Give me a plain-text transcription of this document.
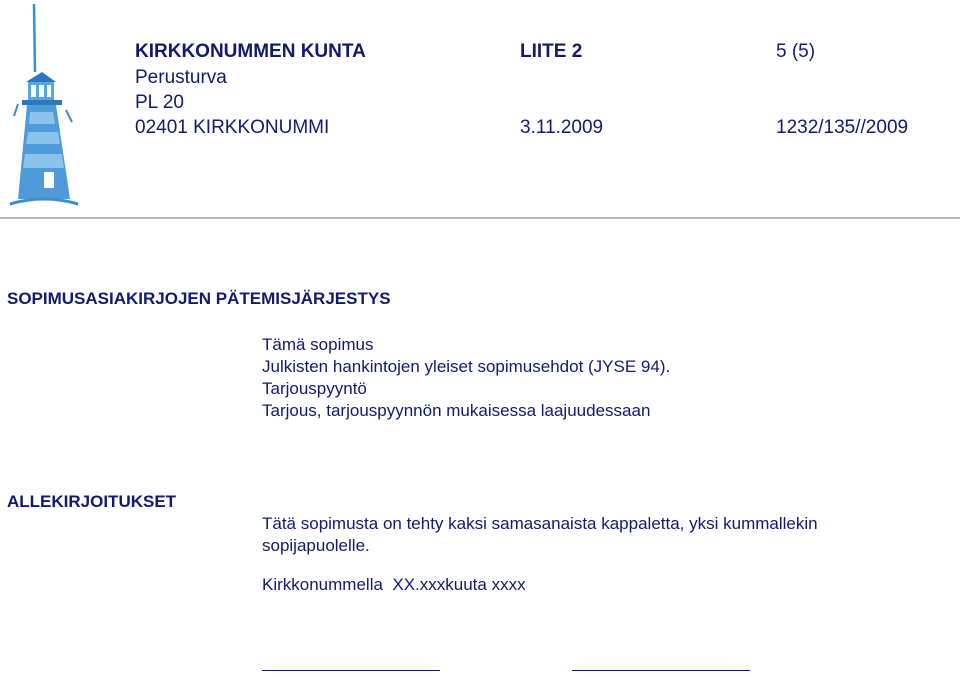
KIRKKONUMMEN KUNTA
Perusturva
PL 20
02401 KIRKKONUMMI
LIITE 2
3.11.2009
5 (5)
1232/135//2009
SOPIMUSASIAKIRJOJEN PÄTEMISJÄRJESTYS
Tämä sopimus
Julkisten hankintojen yleiset sopimusehdot (JYSE 94).
Tarjouspyyntö
Tarjous, tarjouspyynnön mukaisessa laajuudessaan
ALLEKIRJOITUKSET
Tätä sopimusta on tehty kaksi samasanaista kappaletta, yksi kummallekin
sopijapuolelle.
Kirkkonummella  XX.xxxkuuta xxxx
